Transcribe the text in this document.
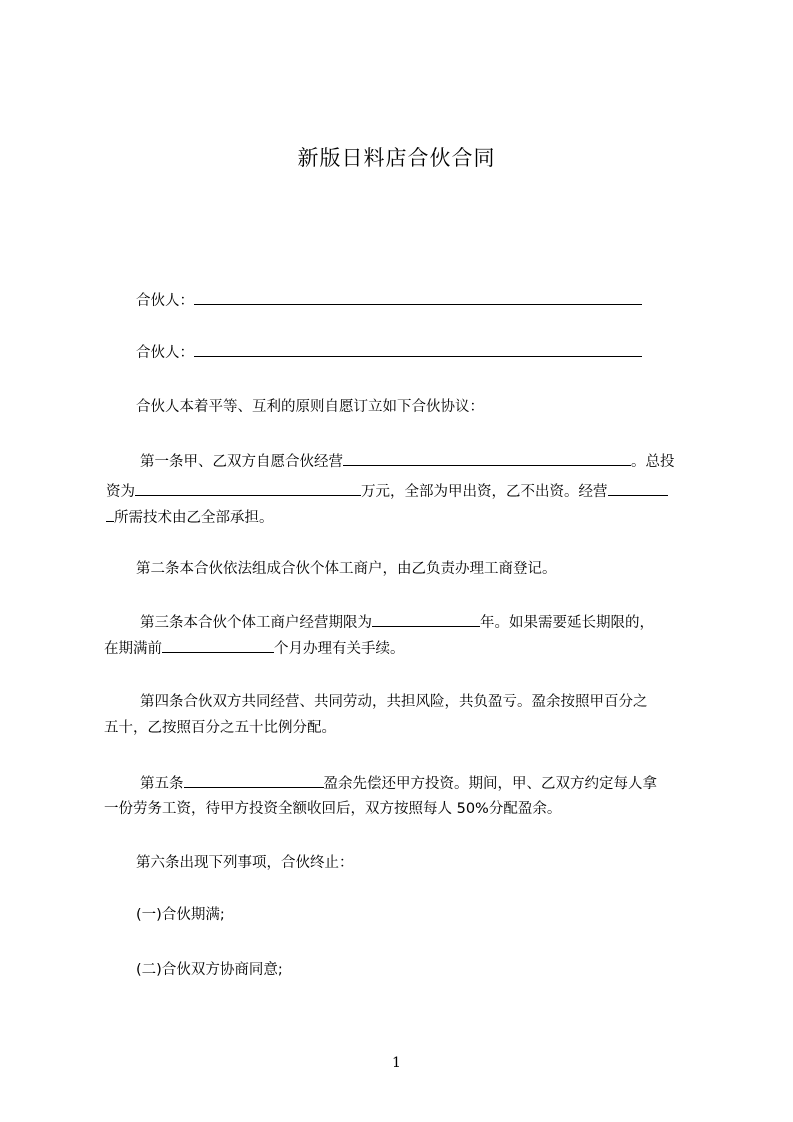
新版日料店合伙合同
合伙人：
合伙人：
合伙人本着平等、互利的原则自愿订立如下合伙协议：
第一条甲、乙双方自愿合伙经营	。总投
资为	万元，全部为甲出资，乙不出资。经营
所需技术由乙全部承担。
第二条本合伙依法组成合伙个体工商户，由乙负责办理工商登记。
第三条本合伙个体工商户经营期限为	年。如果需要延长期限的，
在期满前	个月办理有关手续。
第四条合伙双方共同经营、共同劳动，共担风险，共负盈亏。盈余按照甲百分之
五十，乙按照百分之五十比例分配。
第五条	盈余先偿还甲方投资。期间，甲、乙双方约定每人拿
一份劳务工资，待甲方投资全额收回后，双方按照每人 50%分配盈余。
第六条出现下列事项，合伙终止：
(一)合伙期满;
(二)合伙双方协商同意;
1
